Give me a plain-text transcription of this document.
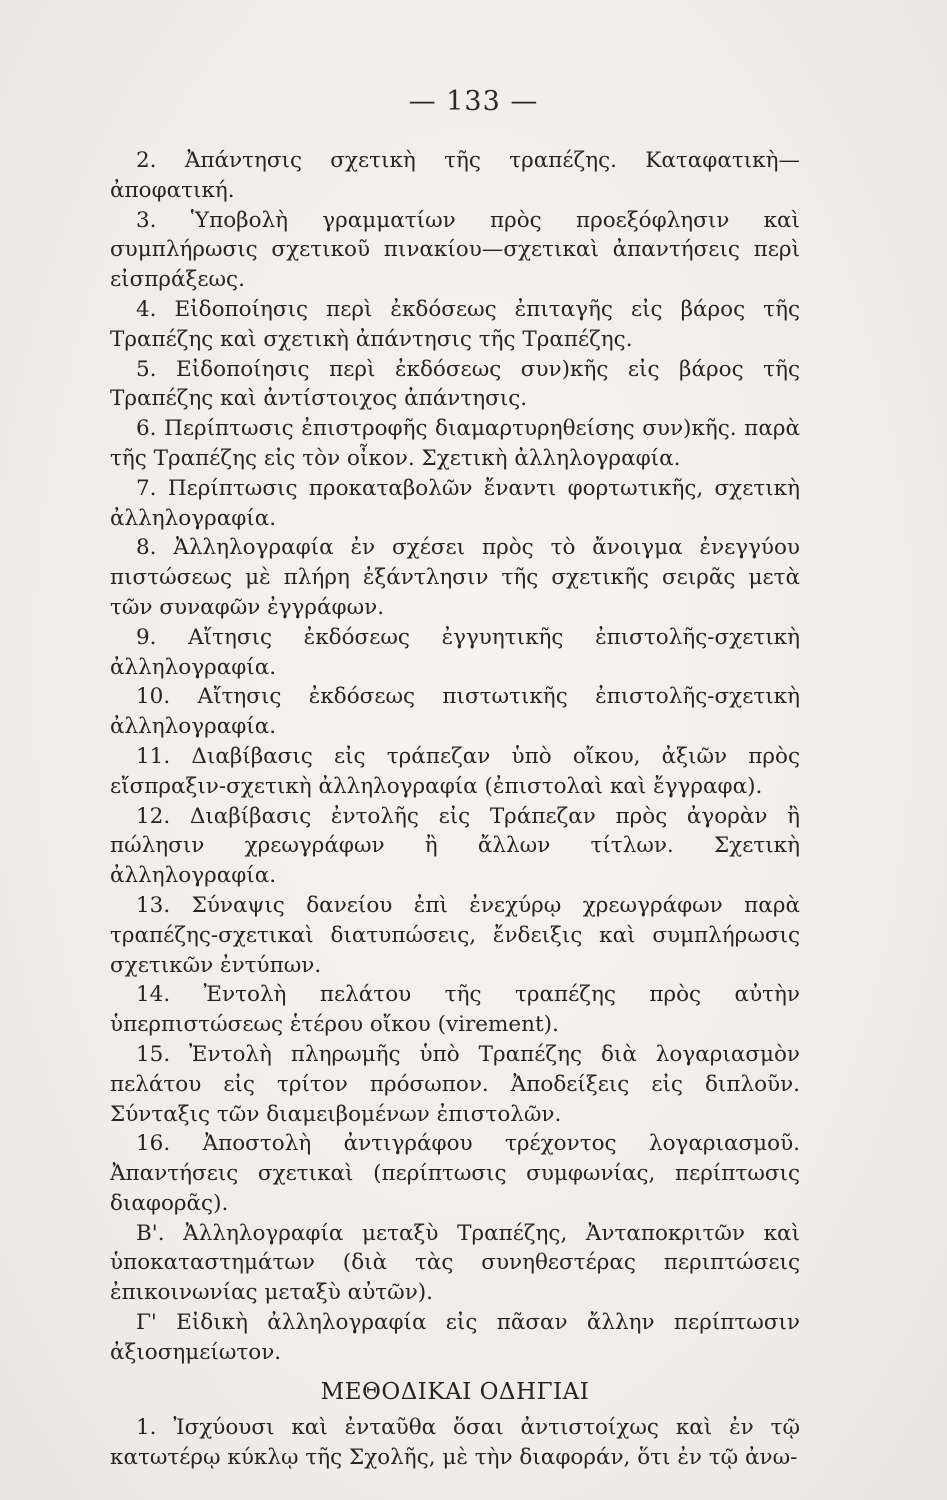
— 133 —

2. Ἀπάντησις σχετικὴ τῆς τραπέζης. Καταφατικὴ—ἀποφατική.

3. Ὑποβολὴ γραμματίων πρὸς προεξόφλησιν καὶ συμπλήρωσις σχετικοῦ πινακίου—σχετικαὶ ἀπαντήσεις περὶ εἰσπράξεως.

4. Εἰδοποίησις περὶ ἐκδόσεως ἐπιταγῆς εἰς βάρος τῆς Τραπέζης καὶ σχετικὴ ἀπάντησις τῆς Τραπέζης.

5. Εἰδοποίησις περὶ ἐκδόσεως συν)κῆς εἰς βάρος τῆς Τραπέζης καὶ ἀντίστοιχος ἀπάντησις.

6. Περίπτωσις ἐπιστροφῆς διαμαρτυρηθείσης συν)κῆς. παρὰ τῆς Τραπέζης εἰς τὸν οἶκον. Σχετικὴ ἀλληλογραφία.

7. Περίπτωσις προκαταβολῶν ἔναντι φορτωτικῆς, σχετικὴ ἀλληλογραφία.

8. Ἀλληλογραφία ἐν σχέσει πρὸς τὸ ἄνοιγμα ἐνεγγύου πιστώσεως μὲ πλήρη ἐξάντλησιν τῆς σχετικῆς σειρᾶς μετὰ τῶν συναφῶν ἐγγράφων.

9. Αἴτησις ἐκδόσεως ἐγγυητικῆς ἐπιστολῆς-σχετικὴ ἀλληλογραφία.

10. Αἴτησις ἐκδόσεως πιστωτικῆς ἐπιστολῆς-σχετικὴ ἀλληλογραφία.

11. Διαβίβασις εἰς τράπεζαν ὑπὸ οἴκου, ἀξιῶν πρὸς εἴσπραξιν-σχετικὴ ἀλληλογραφία (ἐπιστολαὶ καὶ ἔγγραφα).

12. Διαβίβασις ἐντολῆς εἰς Τράπεζαν πρὸς ἀγορὰν ἢ πώλησιν χρεωγράφων ἢ ἄλλων τίτλων. Σχετικὴ ἀλληλογραφία.

13. Σύναψις δανείου ἐπὶ ἐνεχύρῳ χρεωγράφων παρὰ τραπέζης-σχετικαὶ διατυπώσεις, ἔνδειξις καὶ συμπλήρωσις σχετικῶν ἐντύπων.

14. Ἐντολὴ πελάτου τῆς τραπέζης πρὸς αὐτὴν ὑπερπιστώσεως ἑτέρου οἴκου (virement).

15. Ἐντολὴ πληρωμῆς ὑπὸ Τραπέζης διὰ λογαριασμὸν πελάτου εἰς τρίτον πρόσωπον. Ἀποδείξεις εἰς διπλοῦν. Σύνταξις τῶν διαμειβομένων ἐπιστολῶν.

16. Ἀποστολὴ ἀντιγράφου τρέχοντος λογαριασμοῦ. Ἀπαντήσεις σχετικαὶ (περίπτωσις συμφωνίας, περίπτωσις διαφορᾶς).

Β'. Ἀλληλογραφία μεταξὺ Τραπέζης, Ἀνταποκριτῶν καὶ ὑποκαταστημάτων (διὰ τὰς συνηθεστέρας περιπτώσεις ἐπικοινωνίας μεταξὺ αὐτῶν).

Γ' Εἰδικὴ ἀλληλογραφία εἰς πᾶσαν ἄλλην περίπτωσιν ἀξιοσημείωτον.

ΜΕΘΟΔΙΚΑΙ ΟΔΗΓΙΑΙ

1. Ἰσχύουσι καὶ ἐνταῦθα ὅσαι ἀντιστοίχως καὶ ἐν τῷ κατωτέρῳ κύκλῳ τῆς Σχολῆς, μὲ τὴν διαφοράν, ὅτι ἐν τῷ ἀνω-
